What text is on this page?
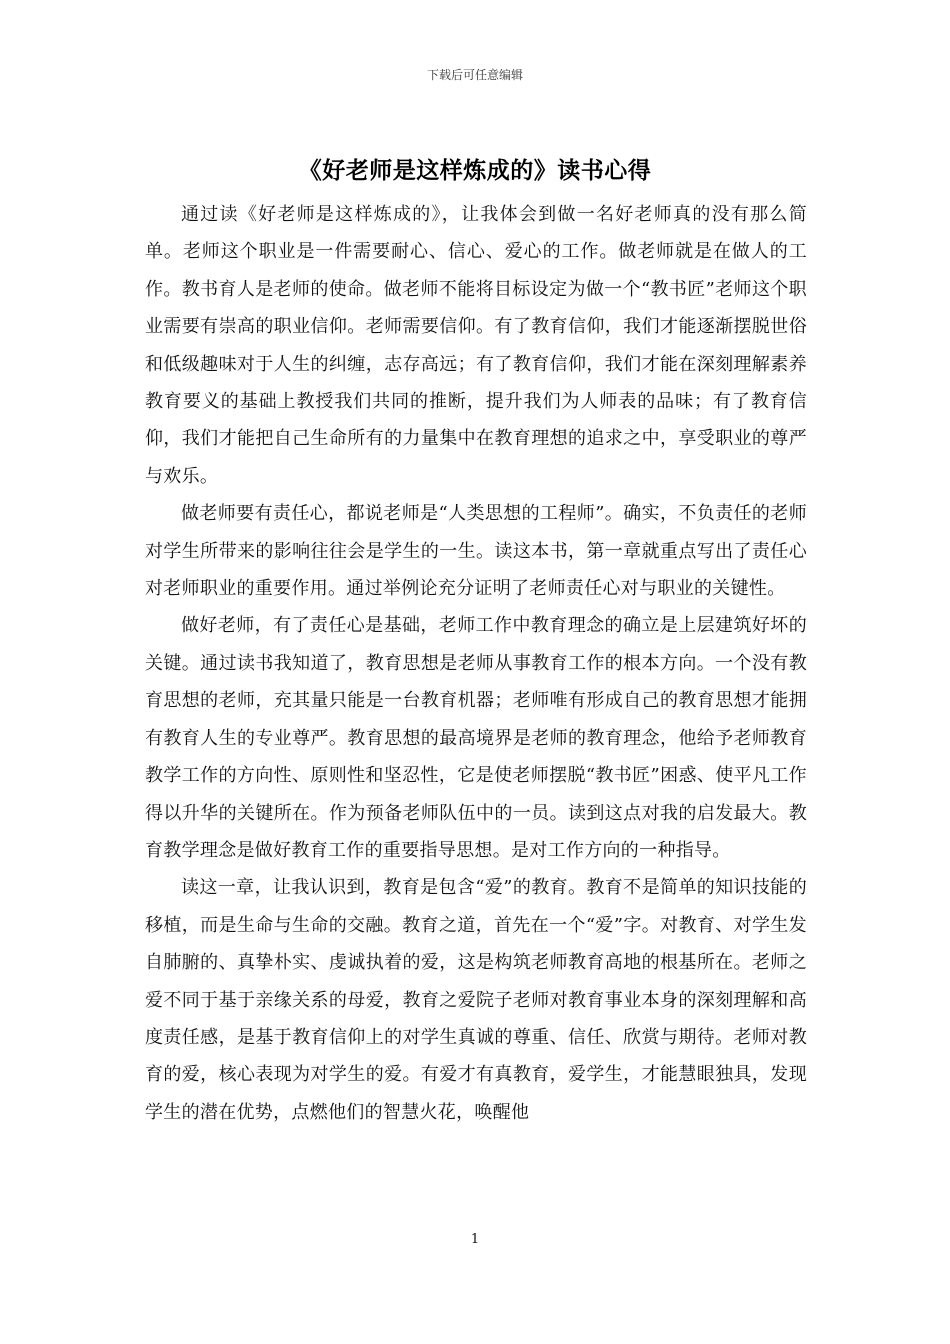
下载后可任意编辑
《好老师是这样炼成的》读书心得

通过读《好老师是这样炼成的》，让我体会到做一名好老师真的没有那么简单。老师这个职业是一件需要耐心、信心、爱心的工作。做老师就是在做人的工作。教书育人是老师的使命。做老师不能将目标设定为做一个“教书匠”老师这个职业需要有崇高的职业信仰。老师需要信仰。有了教育信仰，我们才能逐渐摆脱世俗和低级趣味对于人生的纠缠，志存高远；有了教育信仰，我们才能在深刻理解素养教育要义的基础上教授我们共同的推断，提升我们为人师表的品味；有了教育信仰，我们才能把自己生命所有的力量集中在教育理想的追求之中，享受职业的尊严与欢乐。

做老师要有责任心，都说老师是“人类思想的工程师”。确实，不负责任的老师对学生所带来的影响往往会是学生的一生。读这本书，第一章就重点写出了责任心对老师职业的重要作用。通过举例论充分证明了老师责任心对与职业的关键性。

做好老师，有了责任心是基础，老师工作中教育理念的确立是上层建筑好坏的关键。通过读书我知道了，教育思想是老师从事教育工作的根本方向。一个没有教育思想的老师，充其量只能是一台教育机器；老师唯有形成自己的教育思想才能拥有教育人生的专业尊严。教育思想的最高境界是老师的教育理念，他给予老师教育教学工作的方向性、原则性和坚忍性，它是使老师摆脱“教书匠”困惑、使平凡工作得以升华的关键所在。作为预备老师队伍中的一员。读到这点对我的启发最大。教育教学理念是做好教育工作的重要指导思想。是对工作方向的一种指导。

读这一章，让我认识到，教育是包含“爱”的教育。教育不是简单的知识技能的移植，而是生命与生命的交融。教育之道，首先在一个“爱”字。对教育、对学生发自肺腑的、真挚朴实、虔诚执着的爱，这是构筑老师教育高地的根基所在。老师之爱不同于基于亲缘关系的母爱，教育之爱院子老师对教育事业本身的深刻理解和高度责任感，是基于教育信仰上的对学生真诚的尊重、信任、欣赏与期待。老师对教育的爱，核心表现为对学生的爱。有爱才有真教育，爱学生，才能慧眼独具，发现学生的潜在优势，点燃他们的智慧火花，唤醒他

1
